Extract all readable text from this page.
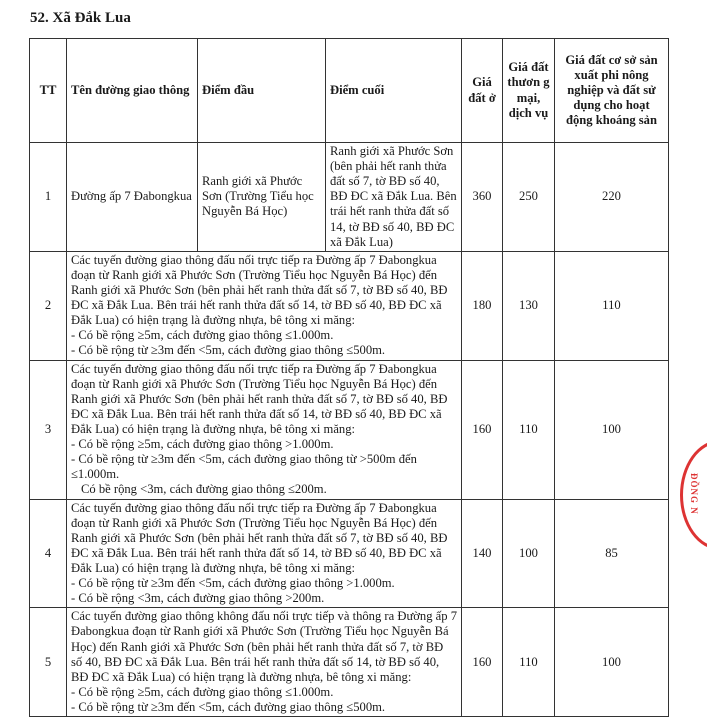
52. Xã Đắk Lua
TT	Tên đường giao thông	Điểm đầu	Điểm cuối	Giá đất ở	Giá đất thươn g mại, dịch vụ	Giá đất cơ sở sản xuất phi nông nghiệp và đất sử dụng cho hoạt động khoáng sản
1	Đường ấp 7 Đabongkua	Ranh giới xã Phước Sơn (Trường Tiểu học Nguyễn Bá Học)	Ranh giới xã Phước Sơn (bên phải hết ranh thửa đất số 7, tờ BĐ số 40, BĐ ĐC xã Đắk Lua. Bên trái hết ranh thửa đất số 14, tờ BĐ số 40, BĐ ĐC xã Đắk Lua)	360	250	220
2	Các tuyến đường giao thông đấu nối trực tiếp ra Đường ấp 7 Đabongkua đoạn từ Ranh giới xã Phước Sơn (Trường Tiểu học Nguyễn Bá Học) đến Ranh giới xã Phước Sơn (bên phải hết ranh thửa đất số 7, tờ BĐ số 40, BĐ ĐC xã Đắk Lua. Bên trái hết ranh thửa đất số 14, tờ BĐ số 40, BĐ ĐC xã Đắk Lua) có hiện trạng là đường nhựa, bê tông xi măng:
- Có bề rộng ≥5m, cách đường giao thông ≤1.000m.
- Có bề rộng từ ≥3m đến <5m, cách đường giao thông ≤500m.			180	130	110
3	Các tuyến đường giao thông đấu nối trực tiếp ra Đường ấp 7 Đabongkua đoạn từ Ranh giới xã Phước Sơn (Trường Tiểu học Nguyễn Bá Học) đến Ranh giới xã Phước Sơn (bên phải hết ranh thửa đất số 7, tờ BĐ số 40, BĐ ĐC xã Đắk Lua. Bên trái hết ranh thửa đất số 14, tờ BĐ số 40, BĐ ĐC xã Đắk Lua) có hiện trạng là đường nhựa, bê tông xi măng:
- Có bề rộng ≥5m, cách đường giao thông >1.000m.
- Có bề rộng từ ≥3m đến <5m, cách đường giao thông từ >500m đến ≤1.000m.
Có bề rộng <3m, cách đường giao thông ≤200m.			160	110	100
4	Các tuyến đường giao thông đấu nối trực tiếp ra Đường ấp 7 Đabongkua đoạn từ Ranh giới xã Phước Sơn (Trường Tiểu học Nguyễn Bá Học) đến Ranh giới xã Phước Sơn (bên phải hết ranh thửa đất số 7, tờ BĐ số 40, BĐ ĐC xã Đắk Lua. Bên trái hết ranh thửa đất số 14, tờ BĐ số 40, BĐ ĐC xã Đắk Lua) có hiện trạng là đường nhựa, bê tông xi măng:
- Có bề rộng từ ≥3m đến <5m, cách đường giao thông >1.000m.
- Có bề rộng <3m, cách đường giao thông >200m.			140	100	85
5	Các tuyến đường giao thông không đấu nối trực tiếp và thông ra Đường ấp 7 Đabongkua đoạn từ Ranh giới xã Phước Sơn (Trường Tiểu học Nguyễn Bá Học) đến Ranh giới xã Phước Sơn (bên phải hết ranh thửa đất số 7, tờ BĐ số 40, BĐ ĐC xã Đắk Lua. Bên trái hết ranh thửa đất số 14, tờ BĐ số 40, BĐ ĐC xã Đắk Lua) có hiện trạng là đường nhựa, bê tông xi măng:
- Có bề rộng ≥5m, cách đường giao thông ≤1.000m.
- Có bề rộng từ ≥3m đến <5m, cách đường giao thông ≤500m.			160	110	100
ĐỒNG N
